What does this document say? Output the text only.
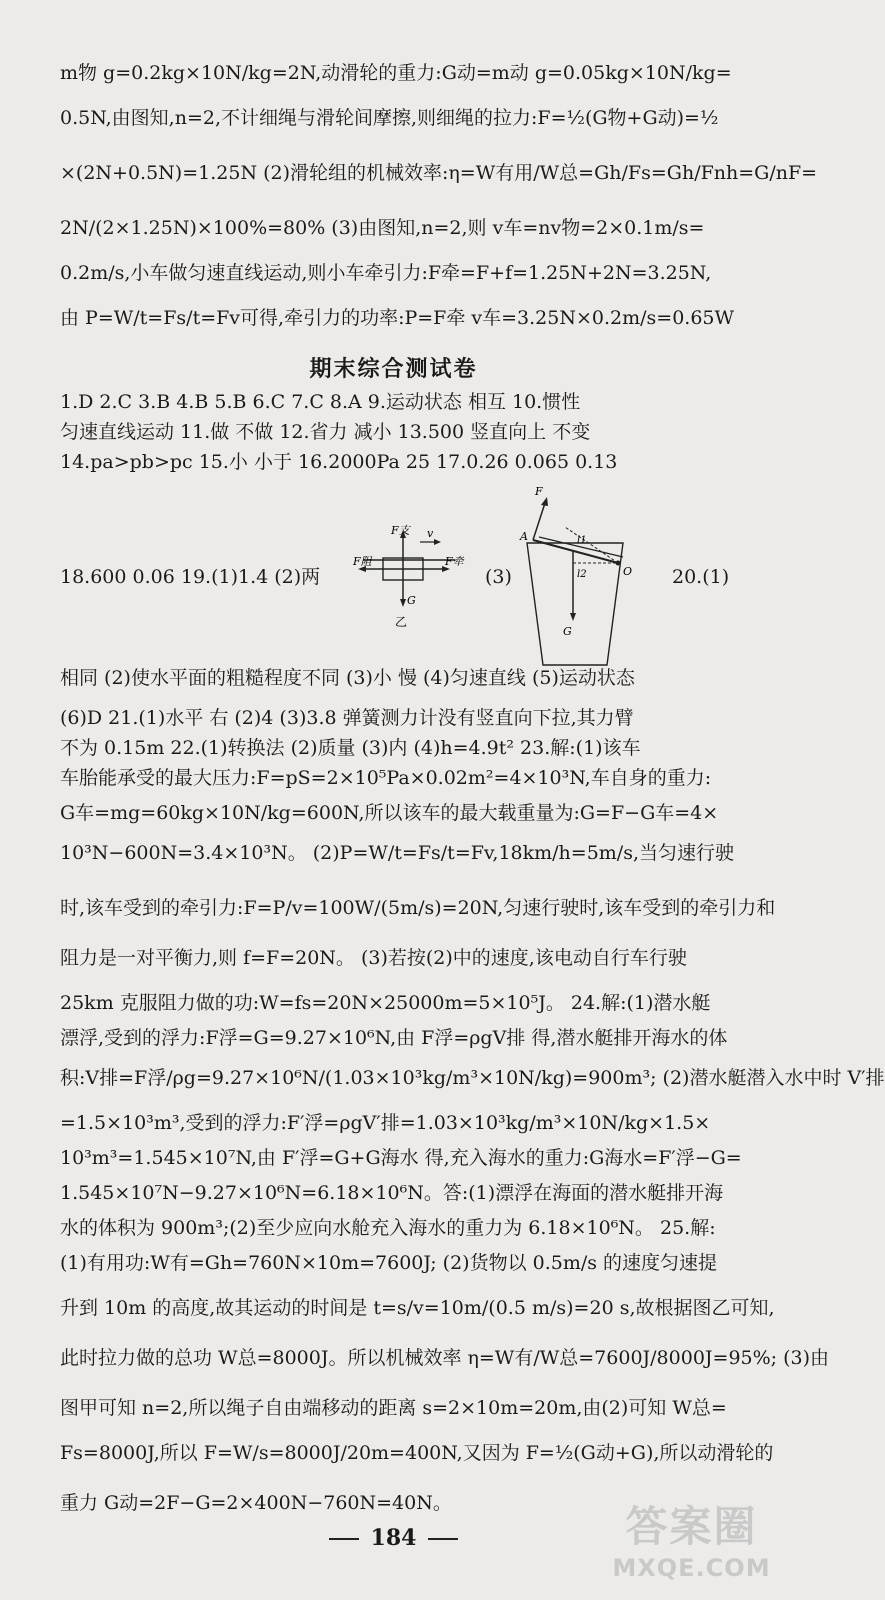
m物 g=0.2kg×10N/kg=2N,动滑轮的重力:G动=m动 g=0.05kg×10N/kg=
0.5N,由图知,n=2,不计细绳与滑轮间摩擦,则细绳的拉力:F=½(G物+G动)=½
×(2N+0.5N)=1.25N (2)滑轮组的机械效率:η=W有用/W总=Gh/Fs=Gh/Fnh=G/nF=
2N/(2×1.25N)×100%=80% (3)由图知,n=2,则 v车=nv物=2×0.1m/s=
0.2m/s,小车做匀速直线运动,则小车牵引力:F牵=F+f=1.25N+2N=3.25N,
由 P=W/t=Fs/t=Fv可得,牵引力的功率:P=F牵 v车=3.25N×0.2m/s=0.65W
期末综合测试卷
1.D 2.C 3.B 4.B 5.B 6.C 7.C 8.A 9.运动状态 相互 10.惯性
匀速直线运动 11.做 不做 12.省力 减小 13.500 竖直向上 不变
14.pa>pb>pc 15.小 小于 16.2000Pa 25 17.0.26 0.065 0.13
18.600 0.06 19.(1)1.4 (2)两
F支 v
F阻	F牵
G
乙
(3)
F
A	l1
l2	O
G
20.(1)
相同 (2)使水平面的粗糙程度不同 (3)小 慢 (4)匀速直线 (5)运动状态
(6)D 21.(1)水平 右 (2)4 (3)3.8 弹簧测力计没有竖直向下拉,其力臂
不为 0.15m 22.(1)转换法 (2)质量 (3)内 (4)h=4.9t² 23.解:(1)该车
车胎能承受的最大压力:F=pS=2×10⁵Pa×0.02m²=4×10³N,车自身的重力:
G车=mg=60kg×10N/kg=600N,所以该车的最大载重量为:G=F−G车=4×
10³N−600N=3.4×10³N。 (2)P=W/t=Fs/t=Fv,18km/h=5m/s,当匀速行驶
时,该车受到的牵引力:F=P/v=100W/(5m/s)=20N,匀速行驶时,该车受到的牵引力和
阻力是一对平衡力,则 f=F=20N。 (3)若按(2)中的速度,该电动自行车行驶
25km 克服阻力做的功:W=fs=20N×25000m=5×10⁵J。 24.解:(1)潜水艇
漂浮,受到的浮力:F浮=G=9.27×10⁶N,由 F浮=ρgV排 得,潜水艇排开海水的体
积:V排=F浮/ρg=9.27×10⁶N/(1.03×10³kg/m³×10N/kg)=900m³; (2)潜水艇潜入水中时 V′排
=1.5×10³m³,受到的浮力:F′浮=ρgV′排=1.03×10³kg/m³×10N/kg×1.5×
10³m³=1.545×10⁷N,由 F′浮=G+G海水 得,充入海水的重力:G海水=F′浮−G=
1.545×10⁷N−9.27×10⁶N=6.18×10⁶N。答:(1)漂浮在海面的潜水艇排开海
水的体积为 900m³;(2)至少应向水舱充入海水的重力为 6.18×10⁶N。 25.解:
(1)有用功:W有=Gh=760N×10m=7600J; (2)货物以 0.5m/s 的速度匀速提
升到 10m 的高度,故其运动的时间是 t=s/v=10m/(0.5 m/s)=20 s,故根据图乙可知,
此时拉力做的总功 W总=8000J。所以机械效率 η=W有/W总=7600J/8000J=95%; (3)由
图甲可知 n=2,所以绳子自由端移动的距离 s=2×10m=20m,由(2)可知 W总=
Fs=8000J,所以 F=W/s=8000J/20m=400N,又因为 F=½(G动+G),所以动滑轮的
重力 G动=2F−G=2×400N−760N=40N。
184	答案圈
MXQE.COM
